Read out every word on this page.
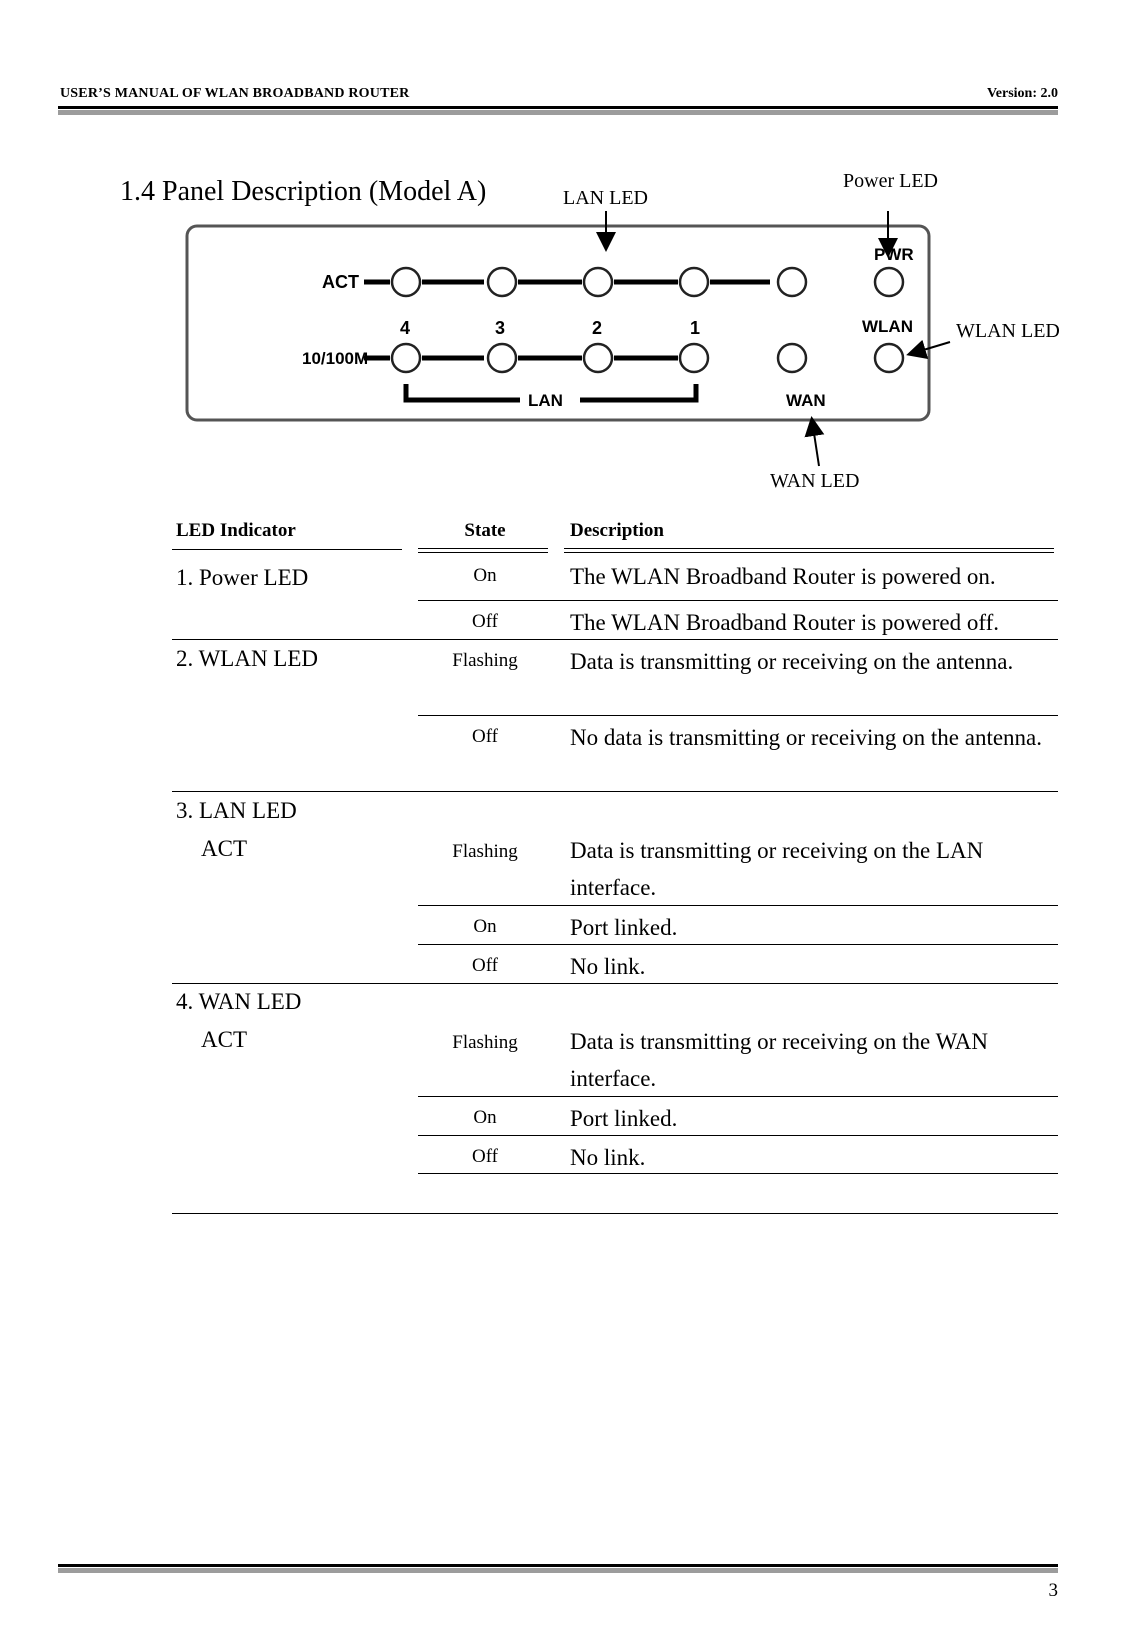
USER’S MANUAL OF WLAN BROADBAND ROUTER	Version: 2.0
1.4 Panel Description (Model A)	LAN LED
Power LED
WLAN LED
WAN LED
ACT
PWR
4	3	2	1	WLAN
10/100M
LAN	WAN
LED Indicator	State	Description
1. Power LED	On	The WLAN Broadband Router is powered on.
Off	The WLAN Broadband Router is powered off.
2. WLAN LED	Flashing	Data is transmitting or receiving on the antenna.
Off	No data is transmitting or receiving on the antenna.
3. LAN LED
ACT	Flashing	Data is transmitting or receiving on the LAN interface.
On	Port linked.
Off	No link.
4. WAN LED
ACT	Flashing	Data is transmitting or receiving on the WAN interface.
On	Port linked.
Off	No link.
3
